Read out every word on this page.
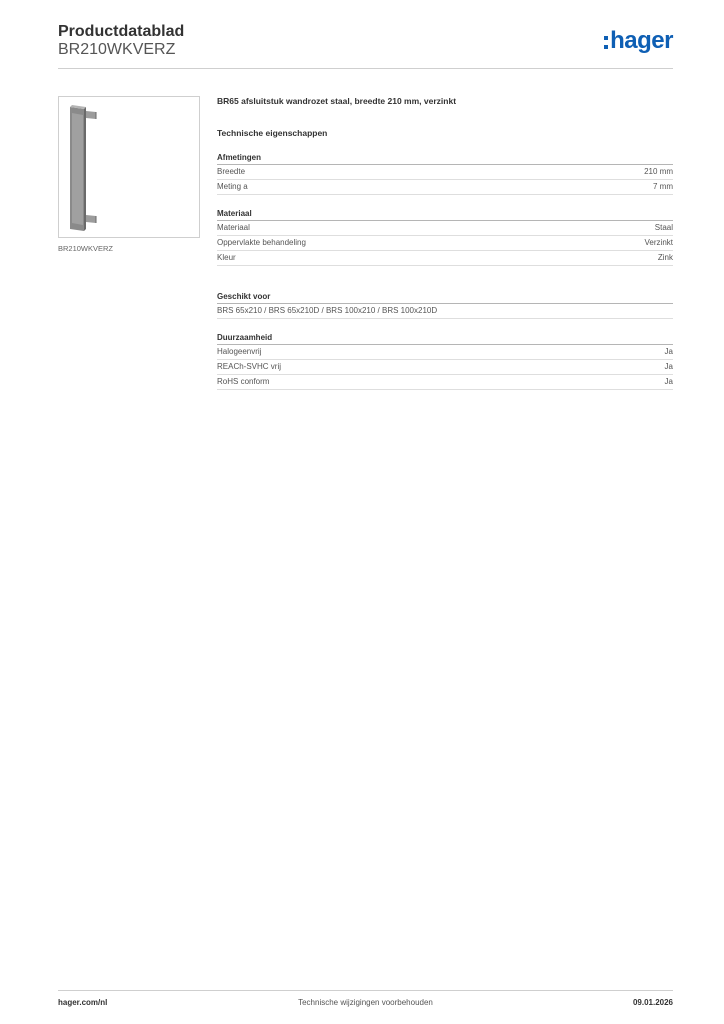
Productdatablad
BR210WKVERZ	hager
BR210WKVERZ
BR65 afsluitstuk wandrozet staal, breedte 210 mm, verzinkt
Technische eigenschappen
Afmetingen
Breedte	210 mm
Meting a	7 mm
Materiaal
Materiaal	Staal
Oppervlakte behandeling	Verzinkt
Kleur	Zink
Geschikt voor
BRS 65x210 / BRS 65x210D / BRS 100x210 / BRS 100x210D
Duurzaamheid
Halogeenvrij	Ja
REACh-SVHC vrij	Ja
RoHS conform	Ja
Technische wijzigingen voorbehouden
hager.com/nl	09.01.2026
